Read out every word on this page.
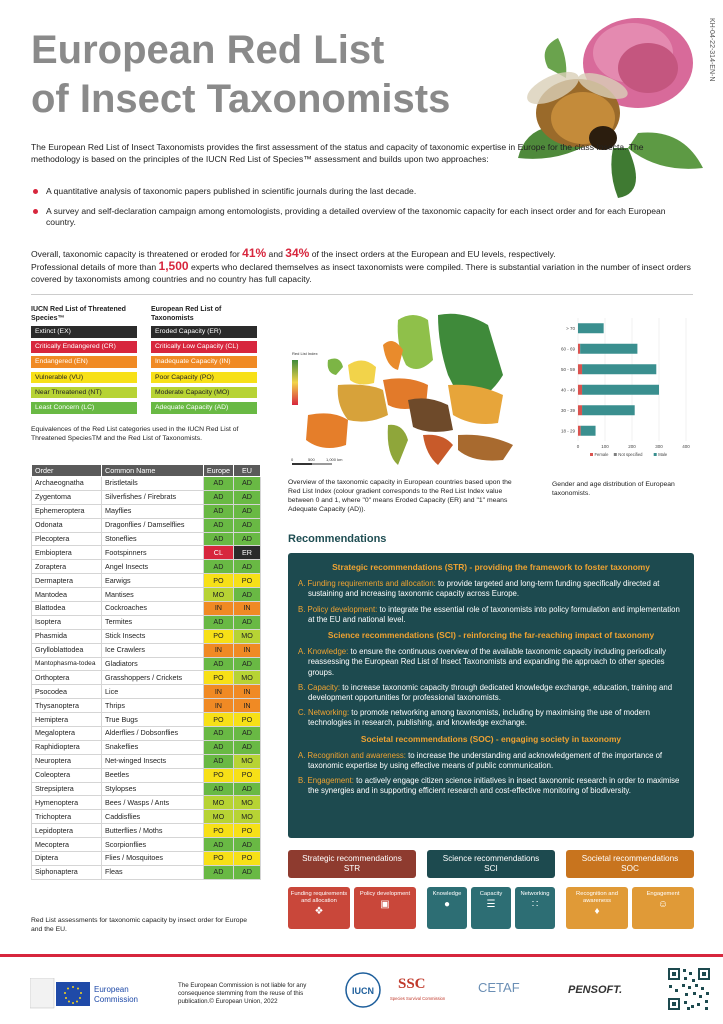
European Red List
of Insect Taxonomists
KH-04-22-314-EN-N
The European Red List of Insect Taxonomists provides the first assessment of the status and capacity of taxonomic expertise in Europe for the class Insecta. The methodology is based on the principles of the IUCN Red List of Species™ assessment and builds upon two approaches:
A quantitative analysis of taxonomic papers published in scientific journals during the last decade.
A survey and self-declaration campaign among entomologists, providing a detailed overview of the taxonomic capacity for each insect order and for each European country.
Overall, taxonomic capacity is threatened or eroded for 41% and 34% of the insect orders at the European and EU levels, respectively.
Professional details of more than 1,500 experts who declared themselves as insect taxonomists were compiled. There is substantial variation in the number of insect orders covered by taxonomists among countries and no country has full capacity.
IUCN Red List of Threatened Species™
European Red List of Taxonomists
Extinct (EX)
Critically Endangered (CR)
Endangered (EN)
Vulnerable (VU)
Near Threatened (NT)
Least Concern (LC)
Eroded Capacity (ER)
Critically Low Capacity (CL)
Inadequate Capacity (IN)
Poor Capacity (PO)
Moderate Capacity (MO)
Adequate Capacity (AD)
Equivalences of the Red List categories used in the IUCN Red List of Threatened SpeciesTM and the Red List of Taxonomists.
Order	Common Name	Europe	EU
Archaeognatha	Bristletails	AD	AD
Zygentoma	Silverfishes / Firebrats	AD	AD
Ephemeroptera	Mayflies	AD	AD
Odonata	Dragonflies / Damselflies	AD	AD
Plecoptera	Stoneflies	AD	AD
Embioptera	Footspinners	CL	ER
Zoraptera	Angel Insects	AD	AD
Dermaptera	Earwigs	PO	PO
Mantodea	Mantises	MO	AD
Blattodea	Cockroaches	IN	IN
Isoptera	Termites	AD	AD
Phasmida	Stick Insects	PO	MO
Grylloblattodea	Ice Crawlers	IN	IN
Mantophasma-todea	Gladiators	AD	AD
Orthoptera	Grasshoppers / Crickets	PO	MO
Psocodea	Lice	IN	IN
Thysanoptera	Thrips	IN	IN
Hemiptera	True Bugs	PO	PO
Megaloptera	Alderflies / Dobsonflies	AD	AD
Raphidioptera	Snakeflies	AD	AD
Neuroptera	Net-winged Insects	AD	MO
Coleoptera	Beetles	PO	PO
Strepsiptera	Stylopses	AD	AD
Hymenoptera	Bees / Wasps / Ants	MO	MO
Trichoptera	Caddisflies	MO	MO
Lepidoptera	Butterflies / Moths	PO	PO
Mecoptera	Scorpionflies	AD	AD
Diptera	Flies / Mosquitoes	PO	PO
Siphonaptera	Fleas	AD	AD
Red List assessments for taxonomic capacity by insect order for Europe and the EU.
Red List Index
0	500	1,000 km
Overview of the taxonomic capacity in European countries based upon the Red List Index (colour gradient corresponds to the Red List Index value between 0 and 1, where "0" means Eroded Capacity (ER) and "1" means Adequate Capacity (AD)).
0	100	200	300	400
> 70
60 - 69
50 - 59
40 - 49
30 - 39
18 - 29
Female Not specified	Male
Gender and age distribution of European taxonomists.
Recommendations
Strategic recommendations (STR) - providing the framework to foster taxonomy
A. Funding requirements and allocation: to provide targeted and long-term funding specifically directed at sustaining and increasing taxonomic capacity across Europe.
B. Policy development: to integrate the essential role of taxonomists into policy formulation and implementation at the EU and national level.
Science recommendations (SCI) - reinforcing the far-reaching impact of taxonomy
A. Knowledge: to ensure the continuous overview of the available taxonomic capacity including periodically reassessing the European Red List of Insect Taxonomists and expanding the approach to other species groups.
B. Capacity: to increase taxonomic capacity through dedicated knowledge exchange, education, training and development opportunities for professional taxonomists.
C. Networking: to promote networking among taxonomists, including by maximising the use of modern technologies in research, publishing, and knowledge exchange.
Societal recommendations (SOC) - engaging society in taxonomy
A. Recognition and awareness: to increase the understanding and acknowledgement of the importance of taxonomic expertise by using effective means of public communication.
B. Engagement: to actively engage citizen science initiatives in insect taxonomic research in order to maximise the synergies and in supporting efficient research and cost-effective monitoring of biodiversity.
Strategic recommendations
STR
Funding requirements and allocation
❖
Policy development
▣
Science recommendations
SCI
Knowledge
●
Capacity
☰
Networking
∷
Societal recommendations
SOC
Recognition and awareness
♦
Engagement
☺
European
Commission
The European Commission is not liable for any consequence stemming from the reuse of this publication.© European Union, 2022
IUCN SSC
Species Survival Commission
CETAF	PENSOFT.
